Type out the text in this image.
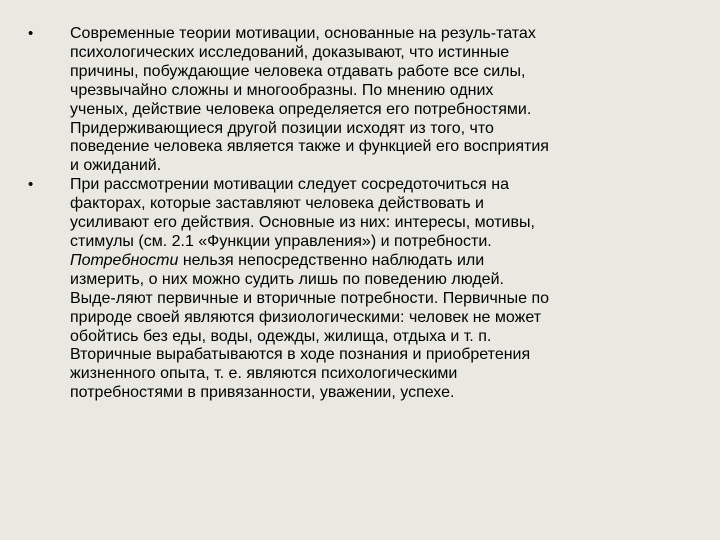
•	Современные теории мотивации, основанные на резуль-татах
психологических исследований, доказывают, что истинные
причины, побуждающие человека отдавать работе все силы,
чрезвычайно сложны и многообразны. По мнению одних
ученых, действие человека определяется его потребностями.
Придерживающиеся другой позиции исходят из того, что
поведение человека является также и функцией его восприятия
и ожиданий.
•	При рассмотрении мотивации следует сосредоточиться на
факторах, которые заставляют человека действовать и
усиливают его действия. Основные из них: интересы, мотивы,
стимулы (см. 2.1 «Функции управления») и потребности.
Потребности нельзя непосредственно наблюдать или
измерить, о них можно судить лишь по поведению людей.
Выде-ляют первичные и вторичные потребности. Первичные по
природе своей являются физиологическими: человек не может
обойтись без еды, воды, одежды, жилища, отдыха и т. п.
Вторичные вырабатываются в ходе познания и приобретения
жизненного опыта, т. е. являются психологическими
потребностями в привязанности, уважении, успехе.
